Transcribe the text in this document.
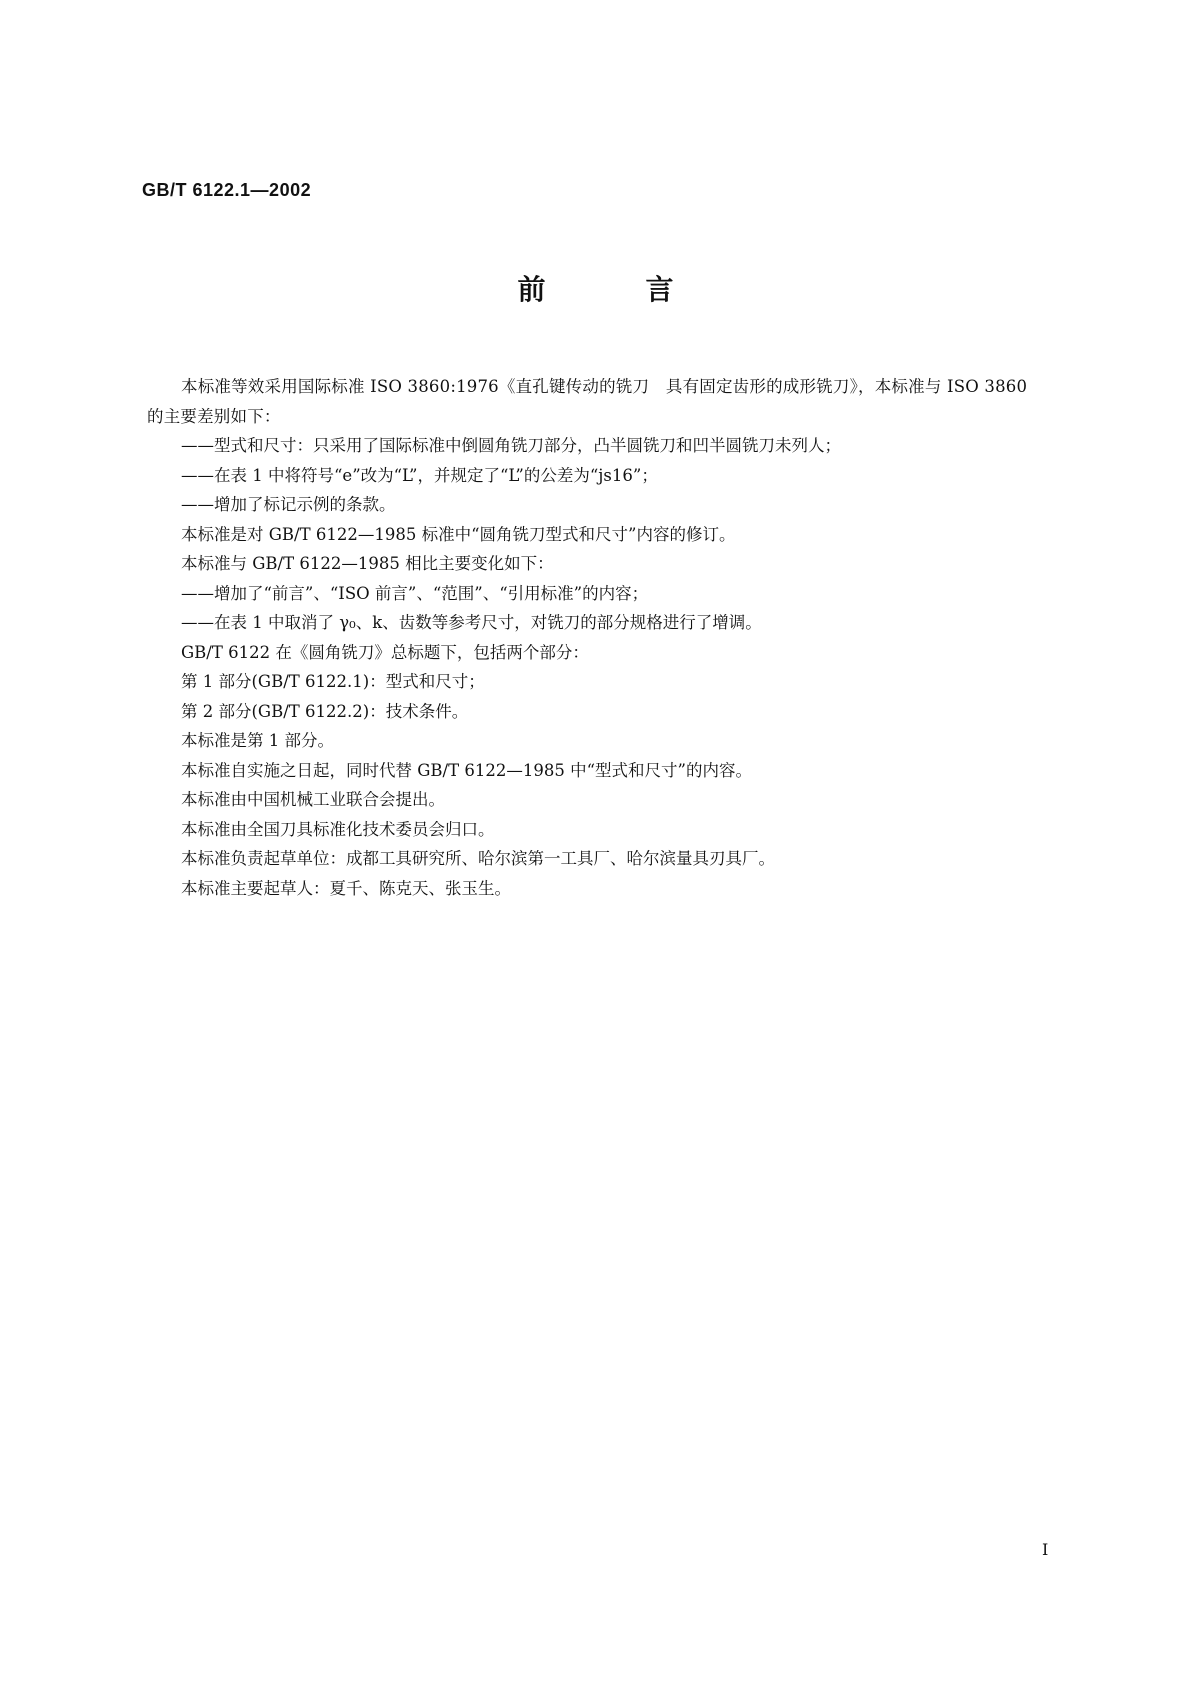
GB/T 6122.1—2002
前	言

本标准等效采用国际标准 ISO 3860:1976《直孔键传动的铣刀　具有固定齿形的成形铣刀》，本标准与 ISO 3860 的主要差别如下：

——型式和尺寸：只采用了国际标准中倒圆角铣刀部分，凸半圆铣刀和凹半圆铣刀未列人；

——在表 1 中将符号“e”改为“L”，并规定了“L”的公差为“js16”；

——增加了标记示例的条款。

本标准是对 GB/T 6122—1985 标准中“圆角铣刀型式和尺寸”内容的修订。

本标准与 GB/T 6122—1985 相比主要变化如下：

——增加了“前言”、“ISO 前言”、“范围”、“引用标准”的内容；

——在表 1 中取消了 γ₀、k、齿数等参考尺寸，对铣刀的部分规格进行了增调。

GB/T 6122 在《圆角铣刀》总标题下，包括两个部分：

第 1 部分(GB/T 6122.1)：型式和尺寸；

第 2 部分(GB/T 6122.2)：技术条件。

本标准是第 1 部分。

本标准自实施之日起，同时代替 GB/T 6122—1985 中“型式和尺寸”的内容。

本标准由中国机械工业联合会提出。

本标准由全国刀具标准化技术委员会归口。

本标准负责起草单位：成都工具研究所、哈尔滨第一工具厂、哈尔滨量具刃具厂。

本标准主要起草人：夏千、陈克天、张玉生。

I
